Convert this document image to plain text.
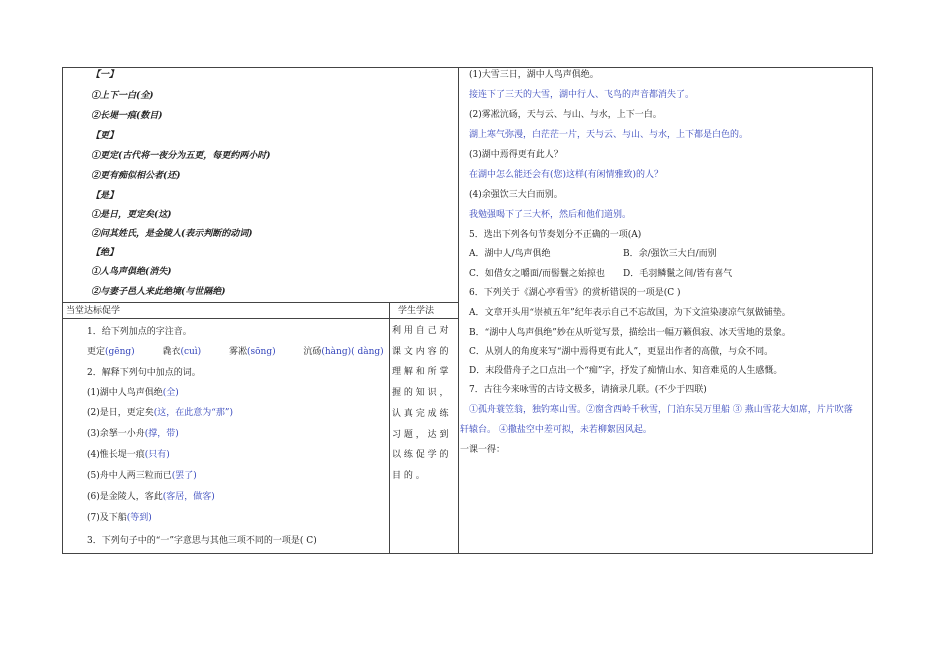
【一】
①上下一白(全)
②长堤一痕(数目)
【更】
①更定(古代将一夜分为五更，每更约两小时)
②更有痴似相公者(还)
【是】
①是日，更定矣(这)
②问其姓氏，是金陵人(表示判断的动词)
【绝】
①人鸟声俱绝(消失)
②与妻子邑人来此绝境(与世隔绝)
当堂达标促学	学生学法
利 用 自 己 对
课 文 内 容 的
理 解 和 所 掌
握 的 知 识 ，
认 真 完 成 练
习 题 ， 达 到
以 练 促 学 的
目 的 。
1．给下列加点的字注音。
更定(gēng)	毳衣(cuì)	雾凇(sōng)	沆砀(hàng)( dàng)
2．解释下列句中加点的词。
(1)湖中人鸟声俱绝(全)
(2)是日，更定矣(这，在此意为“那”)
(3)余拏一小舟(撑，带)
(4)惟长堤一痕(只有)
(5)舟中人两三粒而已(罢了)
(6)是金陵人，客此(客居，做客)
(7)及下船(等到)
3．下列句子中的“一”字意思与其他三项不同的一项是( C)
(1)大雪三日，湖中人鸟声俱绝。
接连下了三天的大雪，湖中行人、飞鸟的声音都消失了。
(2)雾凇沆砀，天与云、与山、与水，上下一白。
湖上寒气弥漫，白茫茫一片，天与云、与山、与水，上下都是白色的。
(3)湖中焉得更有此人？
在湖中怎么能还会有(您)这样(有闲情雅致)的人？
(4)余强饮三大白而别。
我勉强喝下了三大杯，然后和他们道别。
5．选出下列各句节奏划分不正确的一项(A)
A．湖中人/鸟声俱绝	B．余/强饮三大白/而别
C．如借女之嚼面/而髻鬟之始掠也 D．毛羽鳞鬣之间/皆有喜气
6．下列关于《湖心亭看雪》的赏析错误的一项是(C )
A．文章开头用“崇祯五年”纪年表示自己不忘故国，为下文渲染凄凉气氛做铺垫。
B．“湖中人鸟声俱绝”妙在从听觉写景，描绘出一幅万籁俱寂、冰天雪地的景象。
C．从别人的角度来写“湖中焉得更有此人”，更显出作者的高傲，与众不同。
D．末段借舟子之口点出一个“痴”字，抒发了痴情山水、知音难觅的人生感慨。
7．古往今来咏雪的古诗文极多，请摘录几联。(不少于四联)
①孤舟蓑笠翁，独钓寒山雪。②窗含西岭千秋雪，门泊东吴万里船 ③ 燕山雪花大如席，片片吹落
轩辕台。 ④撒盐空中差可拟，未若柳絮因风起。
一课一得：
